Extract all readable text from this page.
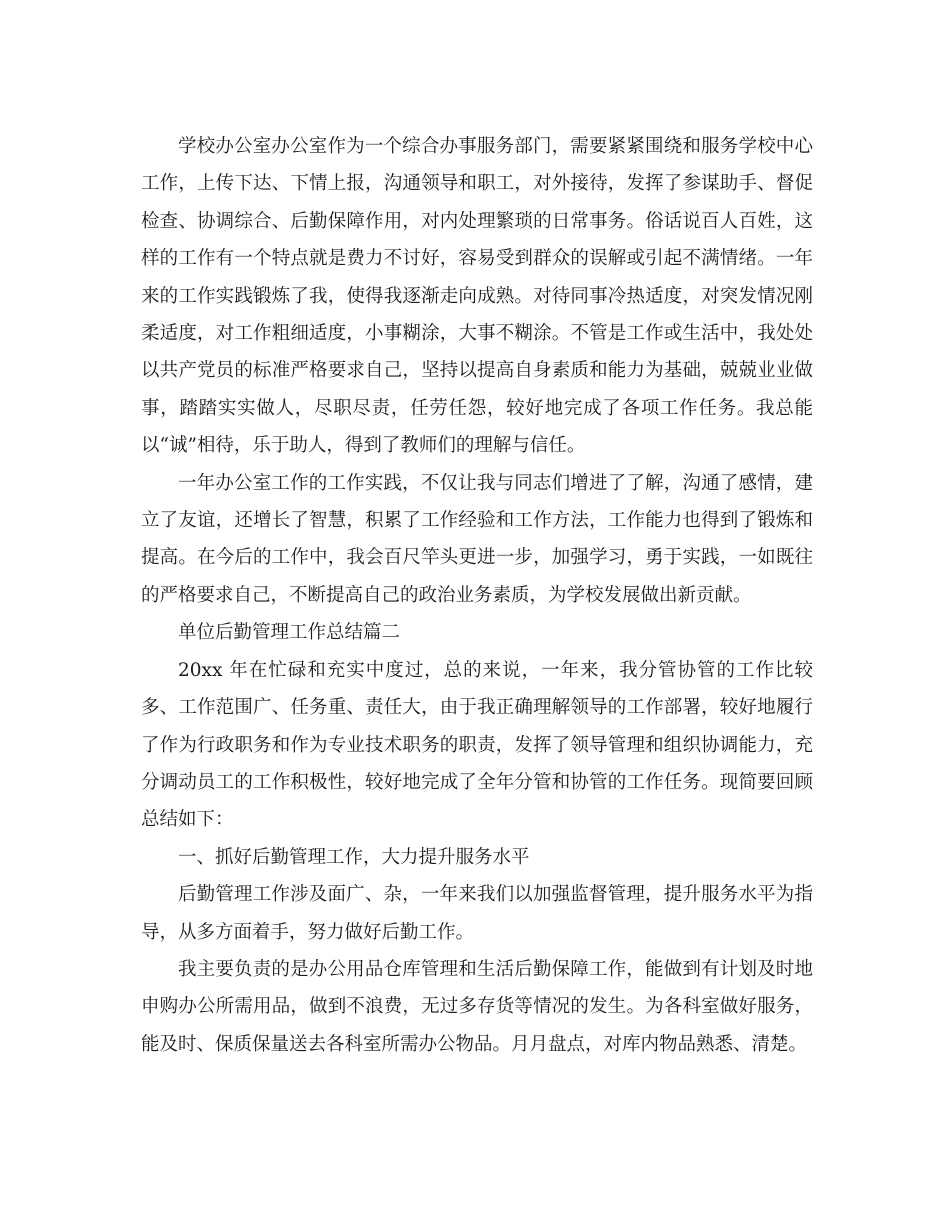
学校办公室办公室作为一个综合办事服务部门，需要紧紧围绕和服务学校中心工作，上传下达、下情上报，沟通领导和职工，对外接待，发挥了参谋助手、督促检查、协调综合、后勤保障作用，对内处理繁琐的日常事务。俗话说百人百姓，这样的工作有一个特点就是费力不讨好，容易受到群众的误解或引起不满情绪。一年来的工作实践锻炼了我，使得我逐渐走向成熟。对待同事冷热适度，对突发情况刚柔适度，对工作粗细适度，小事糊涂，大事不糊涂。不管是工作或生活中，我处处以共产党员的标准严格要求自己，坚持以提高自身素质和能力为基础，兢兢业业做事，踏踏实实做人，尽职尽责，任劳任怨，较好地完成了各项工作任务。我总能以“诚”相待，乐于助人，得到了教师们的理解与信任。

一年办公室工作的工作实践，不仅让我与同志们增进了了解，沟通了感情，建立了友谊，还增长了智慧，积累了工作经验和工作方法，工作能力也得到了锻炼和提高。在今后的工作中，我会百尺竿头更进一步，加强学习，勇于实践，一如既往的严格要求自己，不断提高自己的政治业务素质，为学校发展做出新贡献。

单位后勤管理工作总结篇二

20xx 年在忙碌和充实中度过，总的来说，一年来，我分管协管的工作比较多、工作范围广、任务重、责任大，由于我正确理解领导的工作部署，较好地履行了作为行政职务和作为专业技术职务的职责，发挥了领导管理和组织协调能力，充分调动员工的工作积极性，较好地完成了全年分管和协管的工作任务。现简要回顾总结如下：

一、抓好后勤管理工作，大力提升服务水平

后勤管理工作涉及面广、杂，一年来我们以加强监督管理，提升服务水平为指导，从多方面着手，努力做好后勤工作。

我主要负责的是办公用品仓库管理和生活后勤保障工作，能做到有计划及时地申购办公所需用品，做到不浪费，无过多存货等情况的发生。为各科室做好服务，能及时、保质保量送去各科室所需办公物品。月月盘点，对库内物品熟悉、清楚。
